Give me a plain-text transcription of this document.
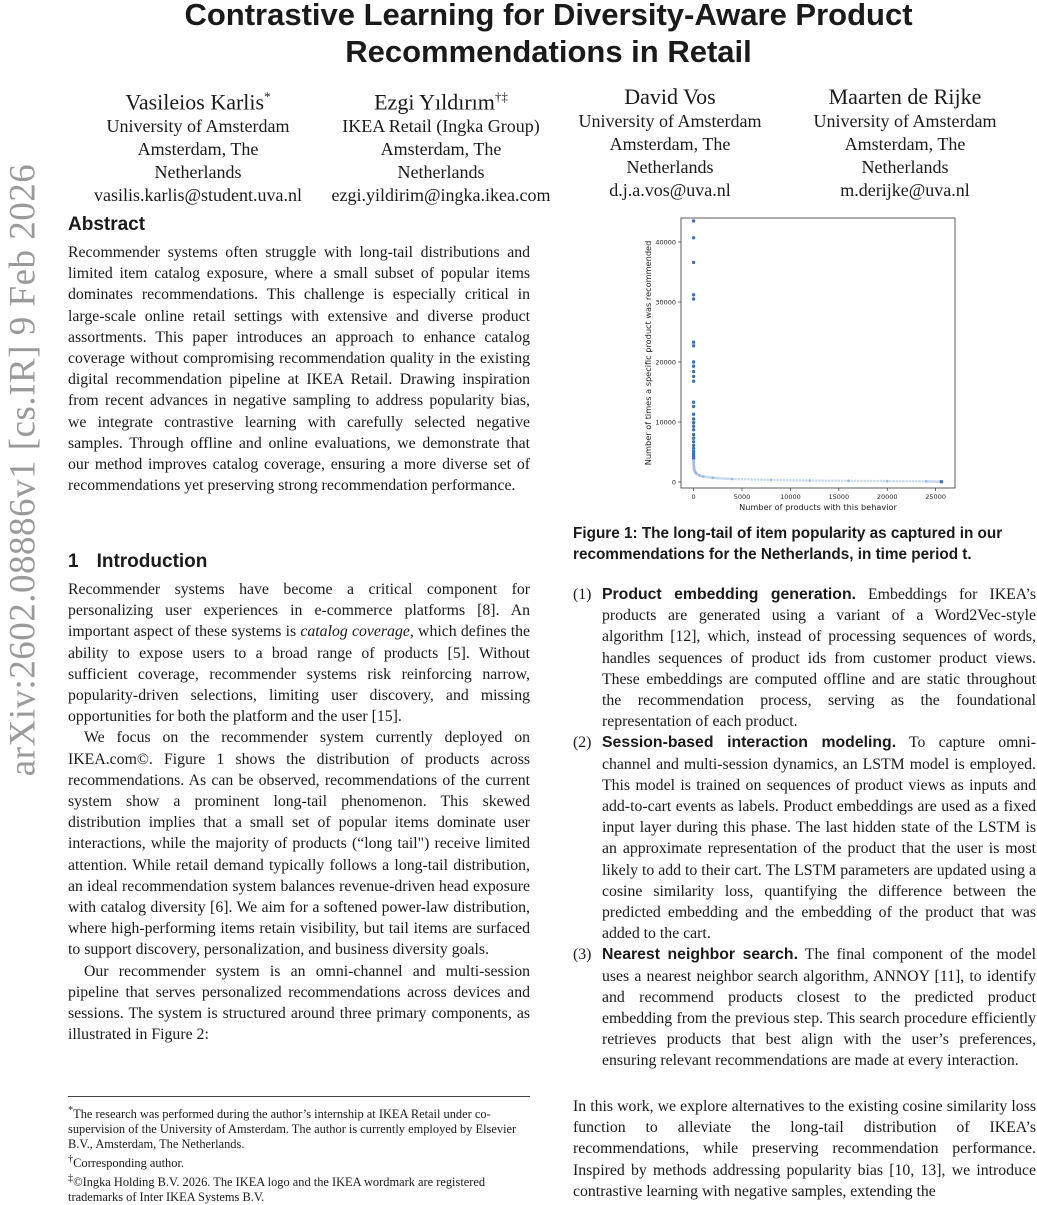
arXiv:2602.08886v1 [cs.IR] 9 Feb 2026
Contrastive Learning for Diversity-Aware Product
Recommendations in Retail
Vasileios Karlis*
University of Amsterdam
Amsterdam, The
Netherlands
vasilis.karlis@student.uva.nl
Ezgi Yıldırım†‡
IKEA Retail (Ingka Group)
Amsterdam, The
Netherlands
ezgi.yildirim@ingka.ikea.com
David Vos
University of Amsterdam
Amsterdam, The
Netherlands
d.j.a.vos@uva.nl
Maarten de Rijke
University of Amsterdam
Amsterdam, The
Netherlands
m.derijke@uva.nl
Abstract

Recommender systems often struggle with long-tail distributions and limited item catalog exposure, where a small subset of popular items dominates recommendations. This challenge is especially critical in large-scale online retail settings with extensive and diverse product assortments. This paper introduces an approach to enhance catalog coverage without compromising recommendation quality in the existing digital recommendation pipeline at IKEA Retail. Drawing inspiration from recent advances in negative sampling to address popularity bias, we integrate contrastive learning with carefully selected negative samples. Through offline and online evaluations, we demonstrate that our method improves catalog coverage, ensuring a more diverse set of recommendations yet preserving strong recommendation performance.

1 Introduction

Recommender systems have become a critical component for personalizing user experiences in e-commerce platforms [8]. An important aspect of these systems is catalog coverage, which defines the ability to expose users to a broad range of products [5]. Without sufficient coverage, recommender systems risk reinforcing narrow, popularity-driven selections, limiting user discovery, and missing opportunities for both the platform and the user [15].

We focus on the recommender system currently deployed on IKEA.com©. Figure 1 shows the distribution of products across recommendations. As can be observed, recommendations of the current system show a prominent long-tail phenomenon. This skewed distribution implies that a small set of popular items dominate user interactions, while the majority of products (“long tail") receive limited attention. While retail demand typically follows a long-tail distribution, an ideal recommendation system balances revenue-driven head exposure with catalog diversity [6]. We aim for a softened power-law distribution, where high-performing items retain visibility, but tail items are surfaced to support discovery, personalization, and business diversity goals.

Our recommender system is an omni-channel and multi-session pipeline that serves personalized recommendations across devices and sessions. The system is structured around three primary components, as illustrated in Figure 2:

*The research was performed during the author’s internship at IKEA Retail under co-supervision of the University of Amsterdam. The author is currently employed by Elsevier B.V., Amsterdam, The Netherlands.

†Corresponding author.

‡©Ingka Holding B.V. 2026. The IKEA logo and the IKEA wordmark are registered trademarks of Inter IKEA Systems B.V.

0
10000
20000
30000
40000
0	5000	10000	15000	20000	25000
Number of times a specific product was recommended
Number of products with this behavior
Figure 1: The long-tail of item popularity as captured in our recommendations for the Netherlands, in time period t.
(1) Product embedding generation. Embeddings for IKEA’s products are generated using a variant of a Word2Vec-style algorithm [12], which, instead of processing sequences of words, handles sequences of product ids from customer product views. These embeddings are computed offline and are static throughout the recommendation process, serving as the foundational representation of each product.

(2) Session-based interaction modeling. To capture omni-channel and multi-session dynamics, an LSTM model is employed. This model is trained on sequences of product views as inputs and add-to-cart events as labels. Product embeddings are used as a fixed input layer during this phase. The last hidden state of the LSTM is an approximate representation of the product that the user is most likely to add to their cart. The LSTM parameters are updated using a cosine similarity loss, quantifying the difference between the predicted embedding and the embedding of the product that was added to the cart.

(3) Nearest neighbor search. The final component of the model uses a nearest neighbor search algorithm, ANNOY [11], to identify and recommend products closest to the predicted product embedding from the previous step. This search procedure efficiently retrieves products that best align with the user’s preferences, ensuring relevant recommendations are made at every interaction.

In this work, we explore alternatives to the existing cosine similarity loss function to alleviate the long-tail distribution of IKEA’s recommendations, while preserving recommendation performance. Inspired by methods addressing popularity bias [10, 13], we introduce contrastive learning with negative samples, extending the
